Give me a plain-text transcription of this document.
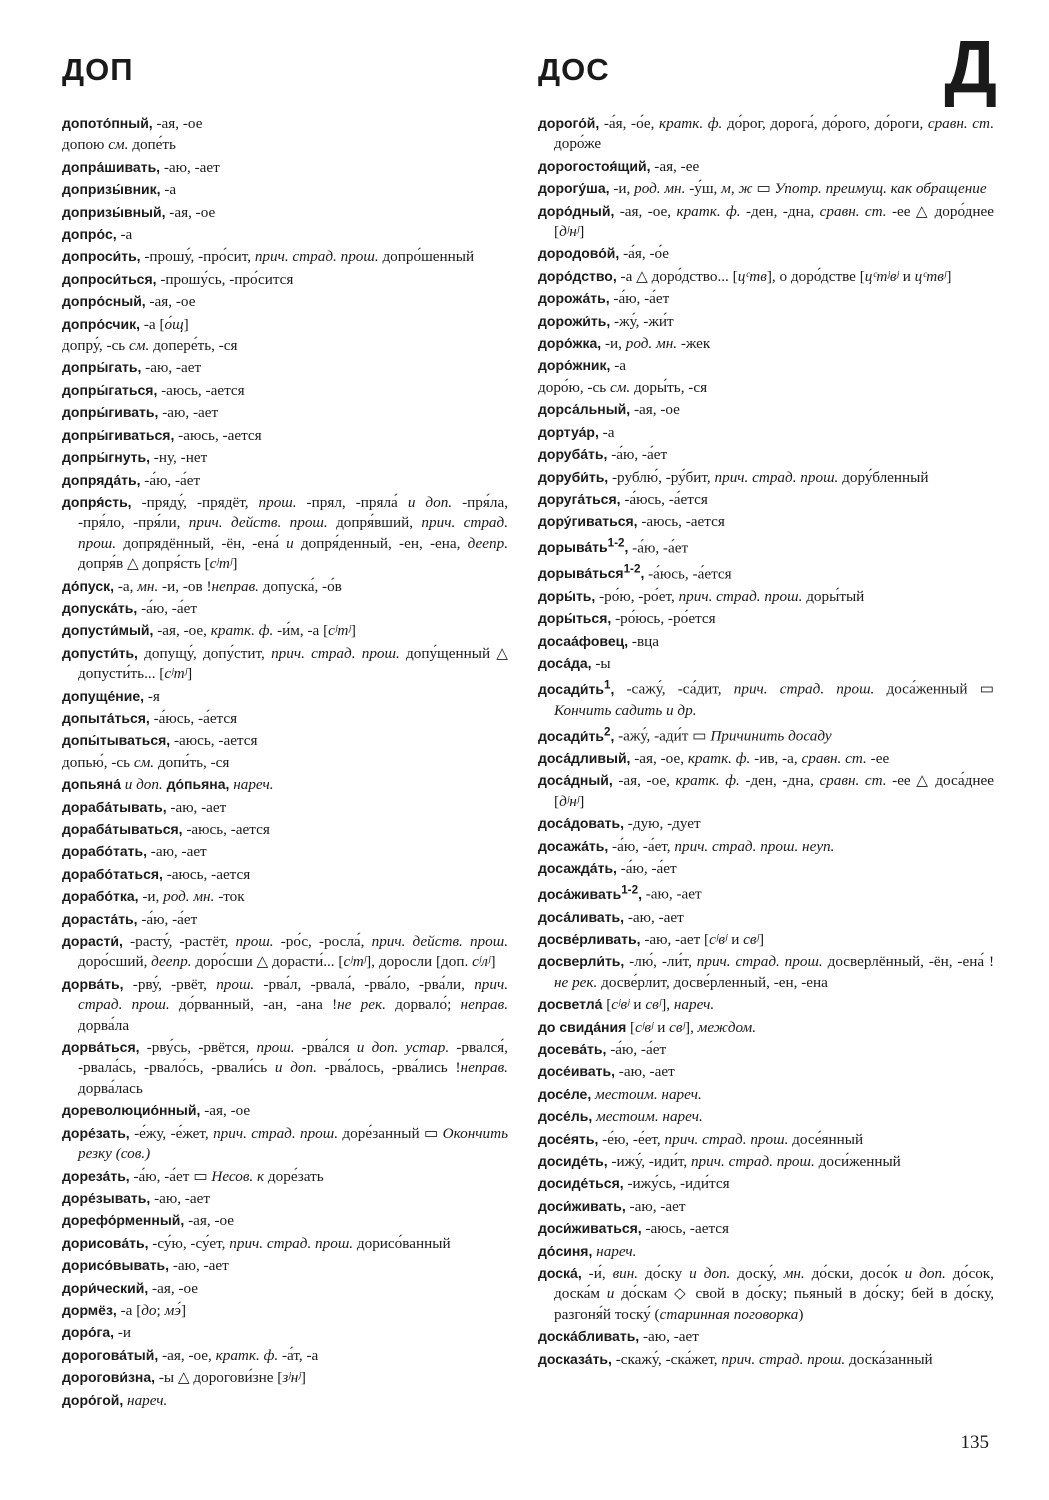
ДОП	ДОС	Д
допото́пный, -ая, -ое
допою см. допе́ть
допра́шивать, -аю, -ает
допризы́вник, -а
допризы́вный, -ая, -ое
допро́с, -а
допроси́ть, -прошу́, -про́сит, прич. страд. прош. допро́шенный
допроси́ться, -прошу́сь, -про́сится
допро́сный, -ая, -ое
допро́счик, -а [о́щ]
допру́, -сь см. допере́ть, -ся
допры́гать, -аю, -ает
допры́гаться, -аюсь, -ается
допры́гивать, -аю, -ает
допры́гиваться, -аюсь, -ается
допры́гнуть, -ну, -нет
допряда́ть, -а́ю, -а́ет
допря́сть, -пряду́, -прядёт, прош. -прял, -пряла́ и доп. -пря́ла, -пря́ло, -пря́ли, прич. действ. прош. допря́вший, прич. страд. прош. допрядённый, -ён, -ена́ и допря́денный, -ен, -ена, деепр. допря́в △ допря́сть [сʲтʲ]
до́пуск, -а, мн. -и, -ов !неправ. допуска́, -о́в
допуска́ть, -а́ю, -а́ет
допусти́мый, -ая, -ое, кратк. ф. -и́м, -а [сʲтʲ]
допусти́ть, допущу́, допу́стит, прич. страд. прош. допу́щенный △ допусти́ть... [сʲтʲ]
допуще́ние, -я
допыта́ться, -а́юсь, -а́ется
допы́тываться, -аюсь, -ается
допью́, -сь см. допи́ть, -ся
допьяна́ и доп. до́пьяна, нареч.
дораба́тывать, -аю, -ает
дораба́тываться, -аюсь, -ается
дорабо́тать, -аю, -ает
дорабо́таться, -аюсь, -ается
дорабо́тка, -и, род. мн. -ток
дораста́ть, -а́ю, -а́ет
дорасти́, -расту́, -растёт, прош. -ро́с, -росла́, прич. действ. прош. доро́сший, деепр. доро́сши △ дорасти́... [сʲтʲ], доросли [доп. сʲлʲ]
дорва́ть, -рву́, -рвёт, прош. -рва́л, -рвала́, -рва́ло, -рва́ли, прич. страд. прош. до́рванный, -ан, -ана !не рек. дорвало́; неправ. дорва́ла
дорва́ться, -рву́сь, -рвётся, прош. -рва́лся и доп. устар. -рвался́, -рвала́сь, -рвало́сь, -рвали́сь и доп. -рва́лось, -рва́лись !неправ. дорва́лась
дореволюцио́нный, -ая, -ое
доре́зать, -е́жу, -е́жет, прич. страд. прош. доре́занный ▭ Окончить резку (сов.)
дореза́ть, -а́ю, -а́ет ▭ Несов. к доре́зать
доре́зывать, -аю, -ает
дорефо́рменный, -ая, -ое
дорисова́ть, -су́ю, -су́ет, прич. страд. прош. дорисо́ванный
дорисо́вывать, -аю, -ает
дори́ческий, -ая, -ое
дормёз, -а [до; мэ́]
доро́га, -и
дорогова́тый, -ая, -ое, кратк. ф. -а́т, -а
дорогови́зна, -ы △ дорогови́зне [зʲнʲ]
доро́гой, нареч.
дорого́й, -а́я, -о́е, кратк. ф. до́рог, дорога́, до́рого, до́роги, сравн. ст. доро́же
дорогостоя́щий, -ая, -ее
дорогу́ша, -и, род. мн. -у́ш, м, ж ▭ Употр. преимущ. как обращение
доро́дный, -ая, -ое, кратк. ф. -ден, -дна, сравн. ст. -ее △ доро́днее [дʲнʲ]
дородово́й, -а́я, -о́е
доро́дство, -а △ доро́дство... [цᶜтв], о доро́дстве [цᶜтʲвʲ и цᶜтвʲ]
дорожа́ть, -а́ю, -а́ет
дорожи́ть, -жу́, -жи́т
доро́жка, -и, род. мн. -жек
доро́жник, -а
доро́ю, -сь см. доры́ть, -ся
дорса́льный, -ая, -ое
дортуа́р, -а
доруба́ть, -а́ю, -а́ет
доруби́ть, -рублю́, -ру́бит, прич. страд. прош. дору́бленный
доруга́ться, -а́юсь, -а́ется
дору́гиваться, -аюсь, -ается
$дорыва́ть^{1-2}$, -а́ю, -а́ет
дорыва́ться$^{1-2}$, -а́юсь, -а́ется
доры́ть, -ро́ю, -ро́ет, прич. страд. прош. доры́тый
доры́ться, -ро́юсь, -ро́ется
досаа́фовец, -вца
доса́да, -ы
$досади́ть^1$, -сажу́, -са́дит, прич. страд. прош. доса́женный ▭ Кончить садить и др.
$досади́ть^2$, -ажу́, -ади́т ▭ Причинить досаду
доса́дливый, -ая, -ое, кратк. ф. -ив, -а, сравн. ст. -ее
доса́дный, -ая, -ое, кратк. ф. -ден, -дна, сравн. ст. -ее △ доса́днее [дʲнʲ]
доса́довать, -дую, -дует
досажа́ть, -а́ю, -а́ет, прич. страд. прош. неуп.
досажда́ть, -а́ю, -а́ет
доса́живать$^{1-2}$, -аю, -ает
доса́ливать, -аю, -ает
досве́рливать, -аю, -ает [сʲвʲ и свʲ]
досверли́ть, -лю́, -ли́т, прич. страд. прош. досверлённый, -ён, -ена́ !не рек. досве́рлит, досве́рленный, -ен, -ена
досветла́ [сʲвʲ и свʲ], нареч.
до свида́ния [сʲвʲ и свʲ], междом.
досева́ть, -а́ю, -а́ет
досе́ивать, -аю, -ает
досе́ле, местоим. нареч.
досе́ль, местоим. нареч.
досе́ять, -е́ю, -е́ет, прич. страд. прош. досе́янный
досиде́ть, -ижу́, -иди́т, прич. страд. прош. доси́женный
досиде́ться, -ижу́сь, -иди́тся
доси́живать, -аю, -ает
доси́живаться, -аюсь, -ается
до́синя, нареч.
доска́, -и́, вин. до́ску и доп. доску́, мн. до́ски, досо́к и доп. до́сок, доска́м и до́скам ◇ свой в до́ску; пьяный в до́ску; бей в до́ску, разгоня́й тоску́ (старинная поговорка)
доска́бливать, -аю, -ает
досказа́ть, -скажу́, -ска́жет, прич. страд. прош. доска́занный
135
